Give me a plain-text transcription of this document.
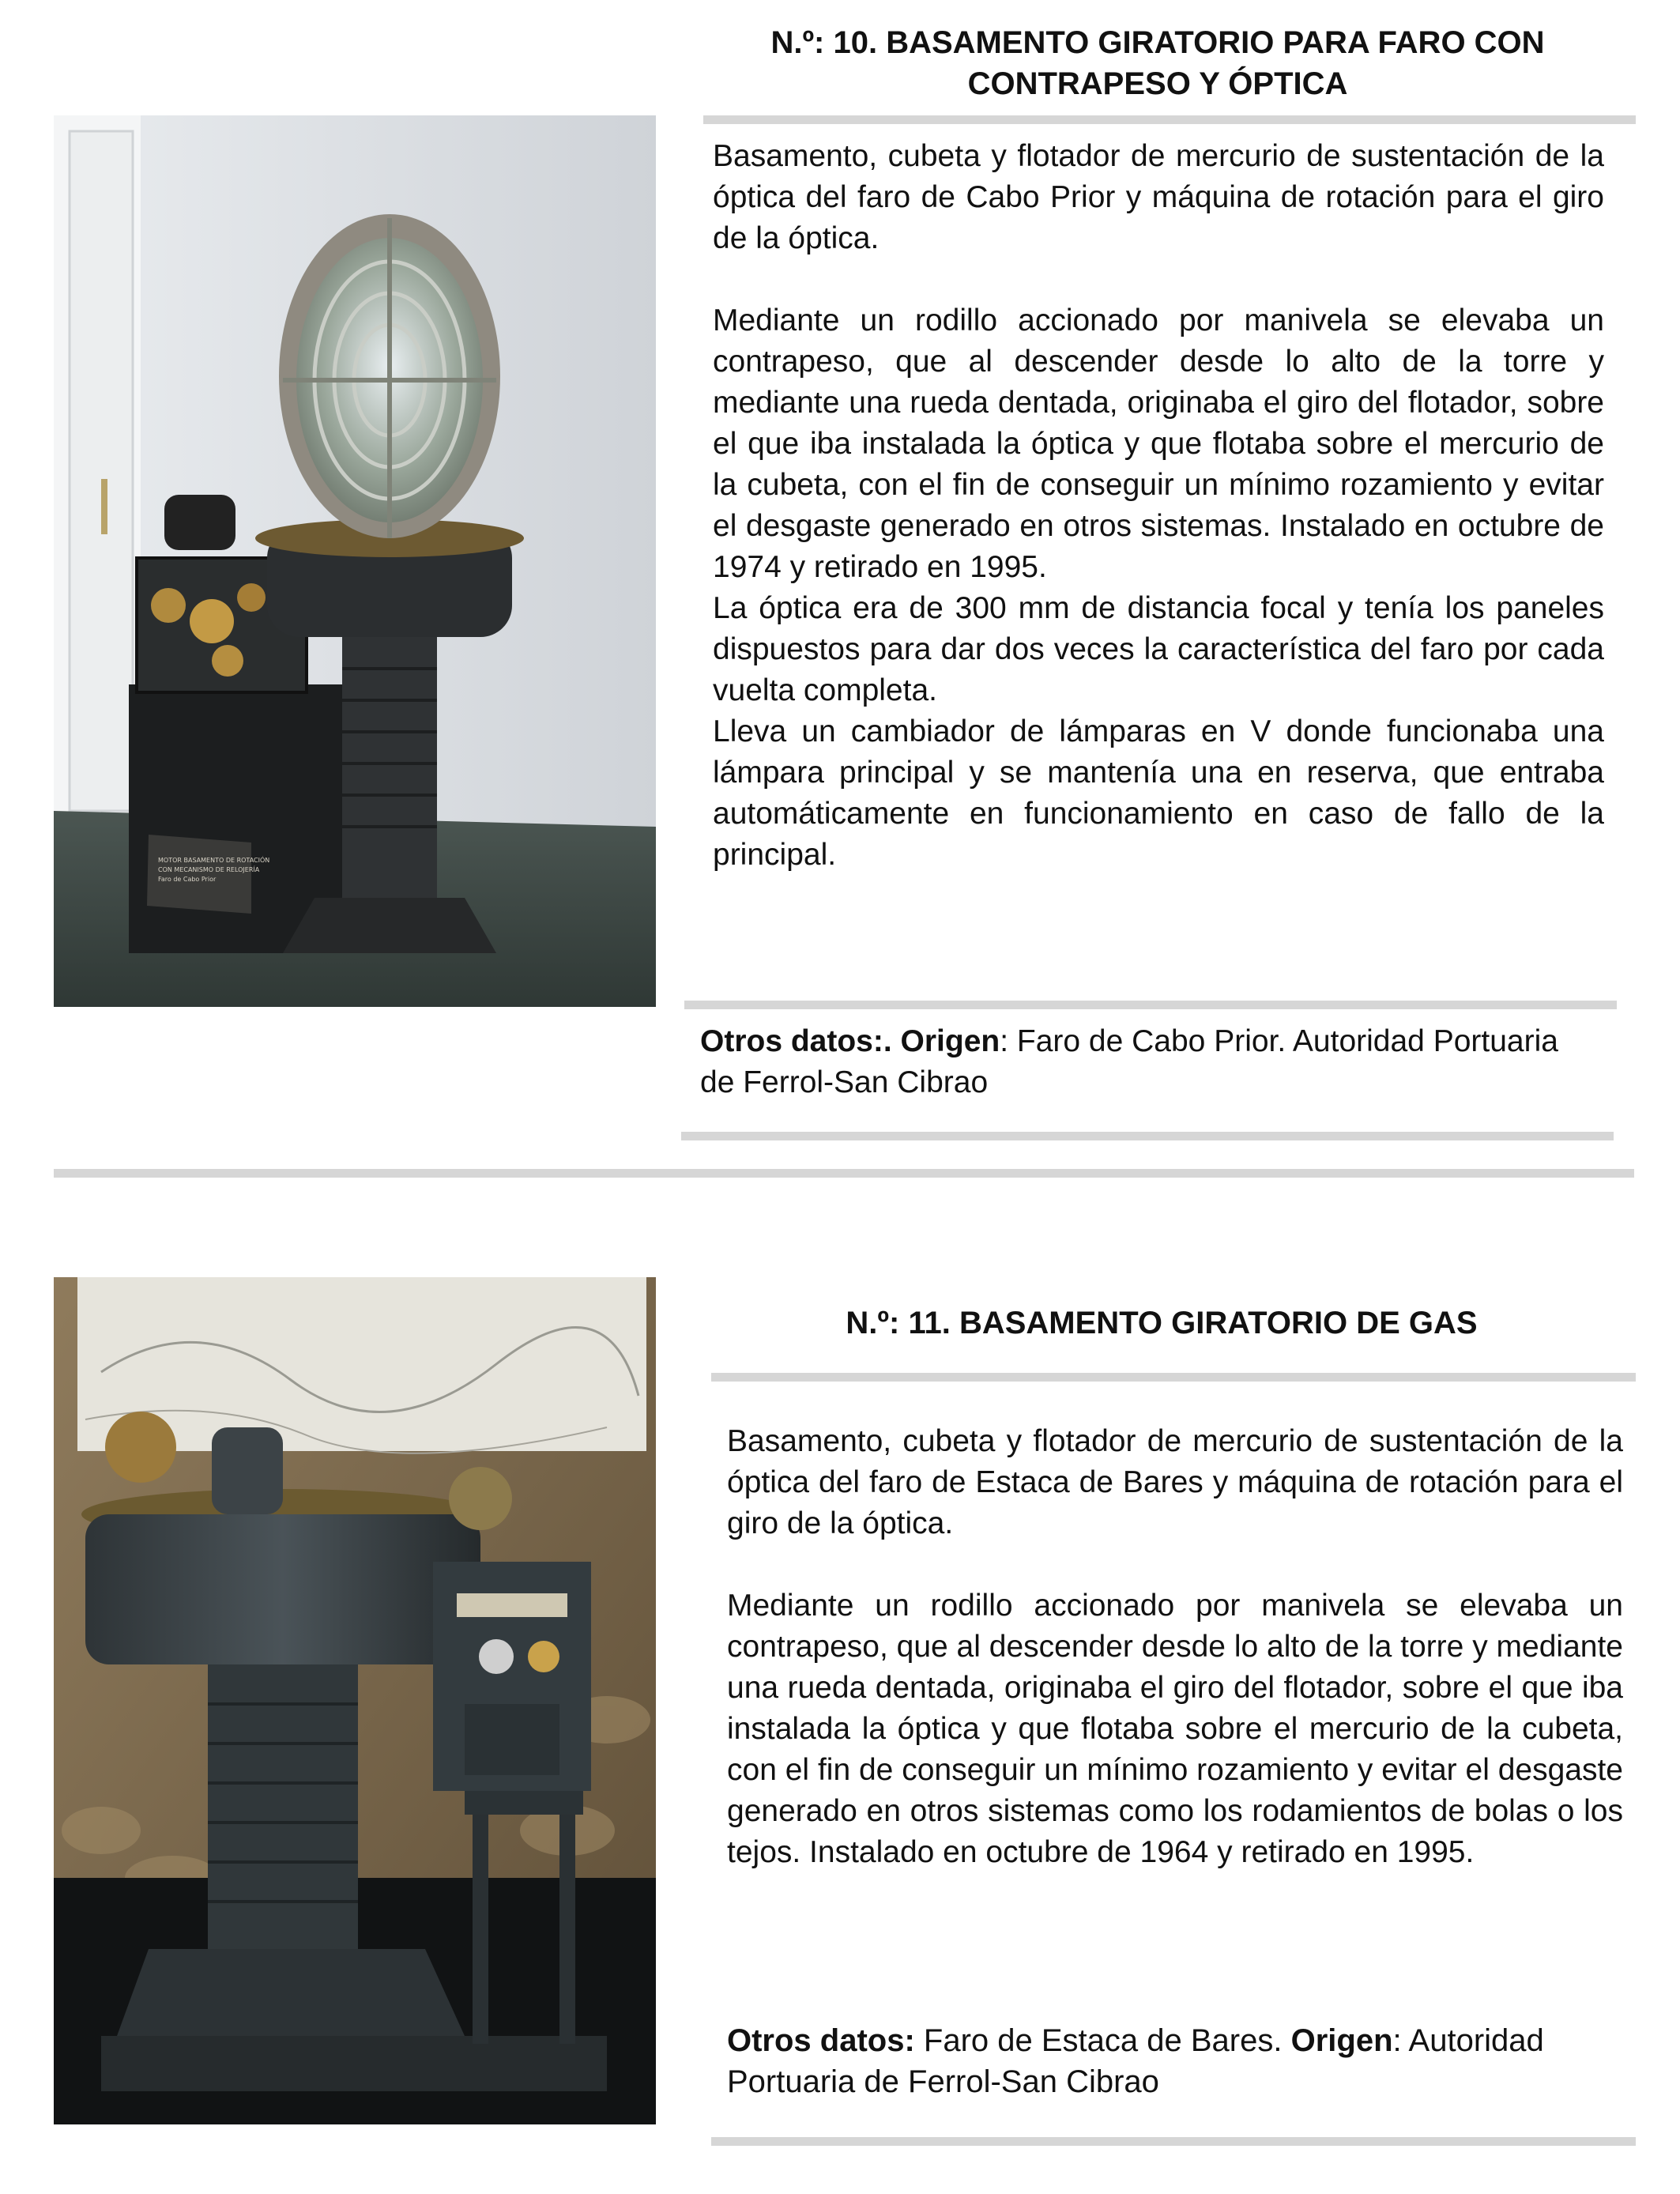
N.º: 10. BASAMENTO GIRATORIO PARA FARO CON
CONTRAPESO Y ÓPTICA
MOTOR BASAMENTO DE ROTACIÓN
CON MECANISMO DE RELOJERÍA
Faro de Cabo Prior

Basamento, cubeta y flotador de mercurio de sustentación de la óptica del faro de Cabo Prior y máquina de rotación para el giro de la óptica.

Mediante un rodillo accionado por manivela se elevaba un contrapeso, que al descender desde lo alto de la torre y mediante una rueda dentada, originaba el giro del flotador, sobre el que iba instalada la óptica y que flotaba sobre el mercurio de la cubeta, con el fin de conseguir un mínimo rozamiento y evitar el desgaste generado en otros sistemas. Instalado en octubre de 1974 y retirado en 1995.

La óptica era de 300 mm de distancia focal y tenía los paneles dispuestos para dar dos veces la característica del faro por cada vuelta completa.

Lleva un cambiador de lámparas en V donde funcionaba una lámpara principal y se mantenía una en reserva, que entraba automáticamente en funcionamiento en caso de fallo de la principal.

Otros datos:. Origen: Faro de Cabo Prior. Autoridad Portuaria de Ferrol-San Cibrao
N.º: 11. BASAMENTO GIRATORIO DE GAS

Basamento, cubeta y flotador de mercurio de sustentación de la óptica del faro de Estaca de Bares y máquina de rotación para el giro de la óptica.

Mediante un rodillo accionado por manivela se elevaba un contrapeso, que al descender desde lo alto de la torre y mediante una rueda dentada, originaba el giro del flotador, sobre el que iba instalada la óptica y que flotaba sobre el mercurio de la cubeta, con el fin de conseguir un mínimo rozamiento y evitar el desgaste generado en otros sistemas como los rodamientos de bolas o los tejos. Instalado en octubre de 1964 y retirado en 1995.

Otros datos: Faro de Estaca de Bares. Origen: Autoridad Portuaria de Ferrol-San Cibrao
